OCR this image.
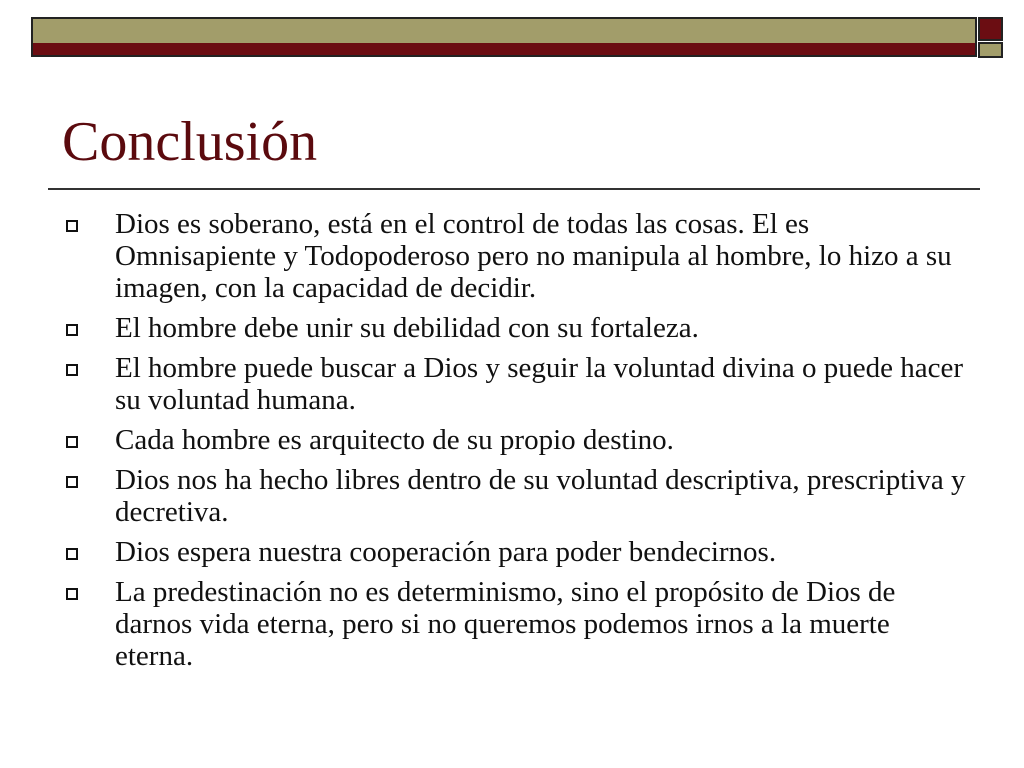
Conclusión
Dios es soberano, está en el control de todas las cosas. El es Omnisapiente y Todopoderoso pero no manipula al hombre, lo hizo a su imagen, con la capacidad de decidir.
El hombre debe unir su debilidad con su fortaleza.
El hombre puede buscar a Dios y seguir la voluntad divina o puede hacer su voluntad humana.
Cada hombre es arquitecto de su propio destino.
Dios nos ha hecho libres dentro de su voluntad descriptiva, prescriptiva y decretiva.
Dios espera nuestra cooperación para poder bendecirnos.
La predestinación no es determinismo, sino el propósito de Dios de darnos vida eterna, pero si no queremos podemos irnos a la muerte eterna.
